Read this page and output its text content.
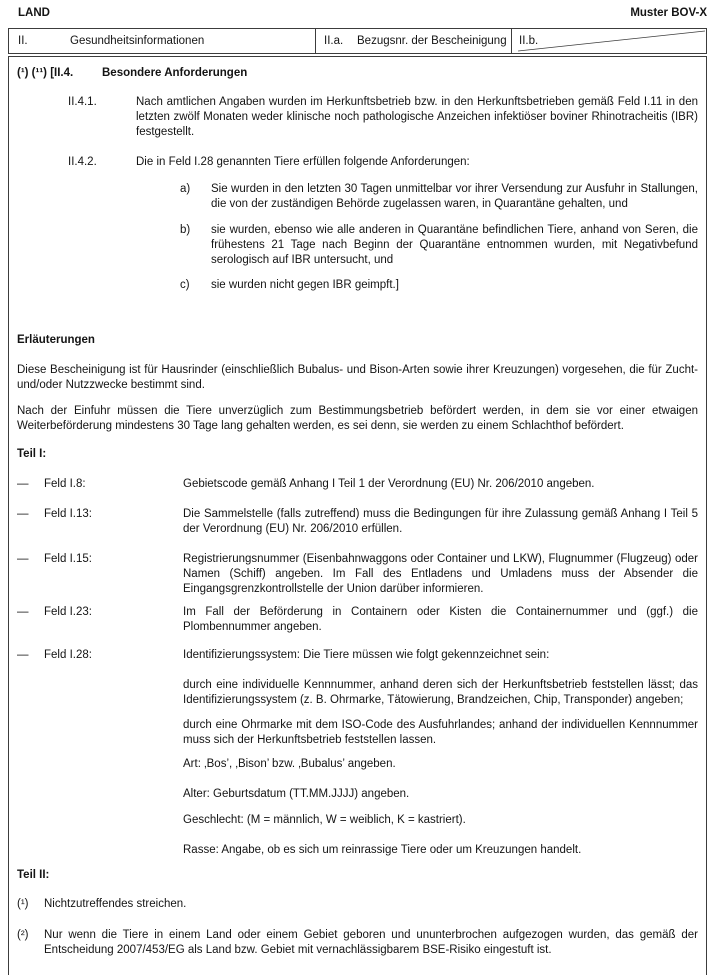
LAND	Muster BOV-X
II.	Gesundheitsinformationen	II.a.	Bezugsnr. der Bescheinigung II.b.
(¹) (¹¹) [II.4.	Besondere Anforderungen
II.4.1.	Nach amtlichen Angaben wurden im Herkunftsbetrieb bzw. in den Herkunftsbetrieben gemäß Feld I.11 in den letzten zwölf Monaten weder klinische noch pathologische Anzeichen infektiöser boviner Rhinotracheitis (IBR) festgestellt.
II.4.2.	Die in Feld I.28 genannten Tiere erfüllen folgende Anforderungen:
a)	Sie wurden in den letzten 30 Tagen unmittelbar vor ihrer Versendung zur Ausfuhr in Stallungen, die von der zuständigen Behörde zugelassen waren, in Quarantäne gehalten, und
b)	sie wurden, ebenso wie alle anderen in Quarantäne befindlichen Tiere, anhand von Seren, die frühestens 21 Tage nach Beginn der Quarantäne entnommen wurden, mit Negativbefund serologisch auf IBR untersucht, und
c)	sie wurden nicht gegen IBR geimpft.]
Erläuterungen
Diese Bescheinigung ist für Hausrinder (einschließlich Bubalus- und Bison-Arten sowie ihrer Kreuzungen) vorgesehen, die für Zucht- und/oder Nutzzwecke bestimmt sind.
Nach der Einfuhr müssen die Tiere unverzüglich zum Bestimmungsbetrieb befördert werden, in dem sie vor einer etwaigen Weiterbeförderung mindestens 30 Tage lang gehalten werden, es sei denn, sie werden zu einem Schlachthof befördert.
Teil I:
—	Feld I.8:	Gebietscode gemäß Anhang I Teil 1 der Verordnung (EU) Nr. 206/2010 angeben.
—	Feld I.13:	Die Sammelstelle (falls zutreffend) muss die Bedingungen für ihre Zulassung gemäß Anhang I Teil 5 der Verordnung (EU) Nr. 206/2010 erfüllen.
—	Feld I.15:	Registrierungsnummer (Eisenbahnwaggons oder Container und LKW), Flugnummer (Flugzeug) oder Namen (Schiff) angeben. Im Fall des Entladens und Umladens muss der Absender die Eingangsgrenzkontrollstelle der Union darüber informieren.
—	Feld I.23:	Im Fall der Beförderung in Containern oder Kisten die Containernummer und (ggf.) die Plombennummer angeben.
—	Feld I.28:	Identifizierungssystem: Die Tiere müssen wie folgt gekennzeichnet sein:
durch eine individuelle Kennnummer, anhand deren sich der Herkunftsbetrieb feststellen lässt; das Identifizierungssystem (z. B. Ohrmarke, Tätowierung, Brandzeichen, Chip, Transponder) angeben;
durch eine Ohrmarke mit dem ISO-Code des Ausfuhrlandes; anhand der individuellen Kennnummer muss sich der Herkunftsbetrieb feststellen lassen.
Art: ‚Bos’, ‚Bison’ bzw. ‚Bubalus’ angeben.
Alter: Geburtsdatum (TT.MM.JJJJ) angeben.
Geschlecht: (M = männlich, W = weiblich, K = kastriert).
Rasse: Angabe, ob es sich um reinrassige Tiere oder um Kreuzungen handelt.
Teil II:
(¹)	Nichtzutreffendes streichen.
(²)	Nur wenn die Tiere in einem Land oder einem Gebiet geboren und ununterbrochen aufgezogen wurden, das gemäß der Entscheidung 2007/453/EG als Land bzw. Gebiet mit vernachlässigbarem BSE-Risiko eingestuft ist.
